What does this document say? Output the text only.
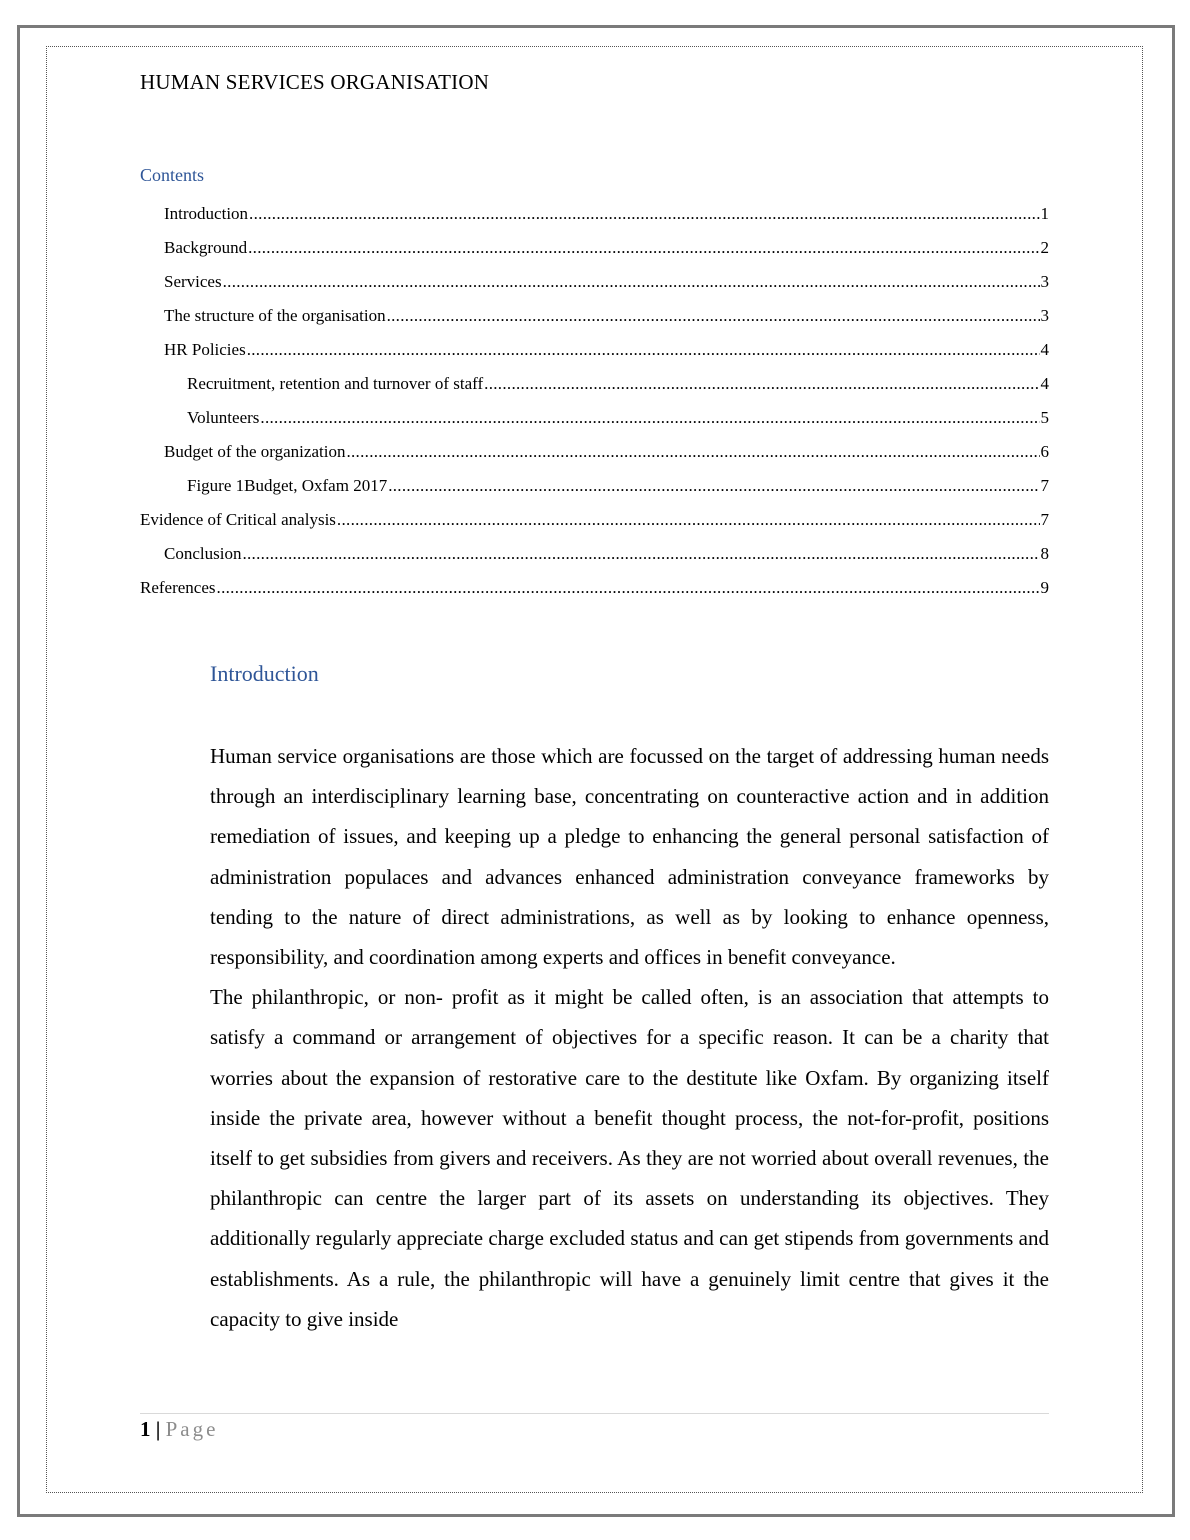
HUMAN SERVICES ORGANISATION
Contents
Introduction .....	1
Background .....	2
Services .....	3
The structure of the organisation .....	3
HR Policies .....	4
Recruitment, retention and turnover of staff .....	4
Volunteers .....	5
Budget of the organization .....	6
Figure 1Budget, Oxfam 2017 .....	7
Evidence of Critical analysis .....	7
Conclusion .....	8
References .....	9
Introduction

Human service organisations are those which are focussed on the target of addressing human needs through an interdisciplinary learning base, concentrating on counteractive action and in addition remediation of issues, and keeping up a pledge to enhancing the general personal satisfaction of administration populaces and advances enhanced administration conveyance frameworks by tending to the nature of direct administrations, as well as by looking to enhance openness, responsibility, and coordination among experts and offices in benefit conveyance.

The philanthropic, or non- profit as it might be called often, is an association that attempts to satisfy a command or arrangement of objectives for a specific reason. It can be a charity that worries about the expansion of restorative care to the destitute like Oxfam. By organizing itself inside the private area, however without a benefit thought process, the not-for-profit, positions itself to get subsidies from givers and receivers. As they are not worried about overall revenues, the philanthropic can centre the larger part of its assets on understanding its objectives. They additionally regularly appreciate charge excluded status and can get stipends from governments and establishments. As a rule, the philanthropic will have a genuinely limit centre that gives it the capacity to give inside

1 | Page
